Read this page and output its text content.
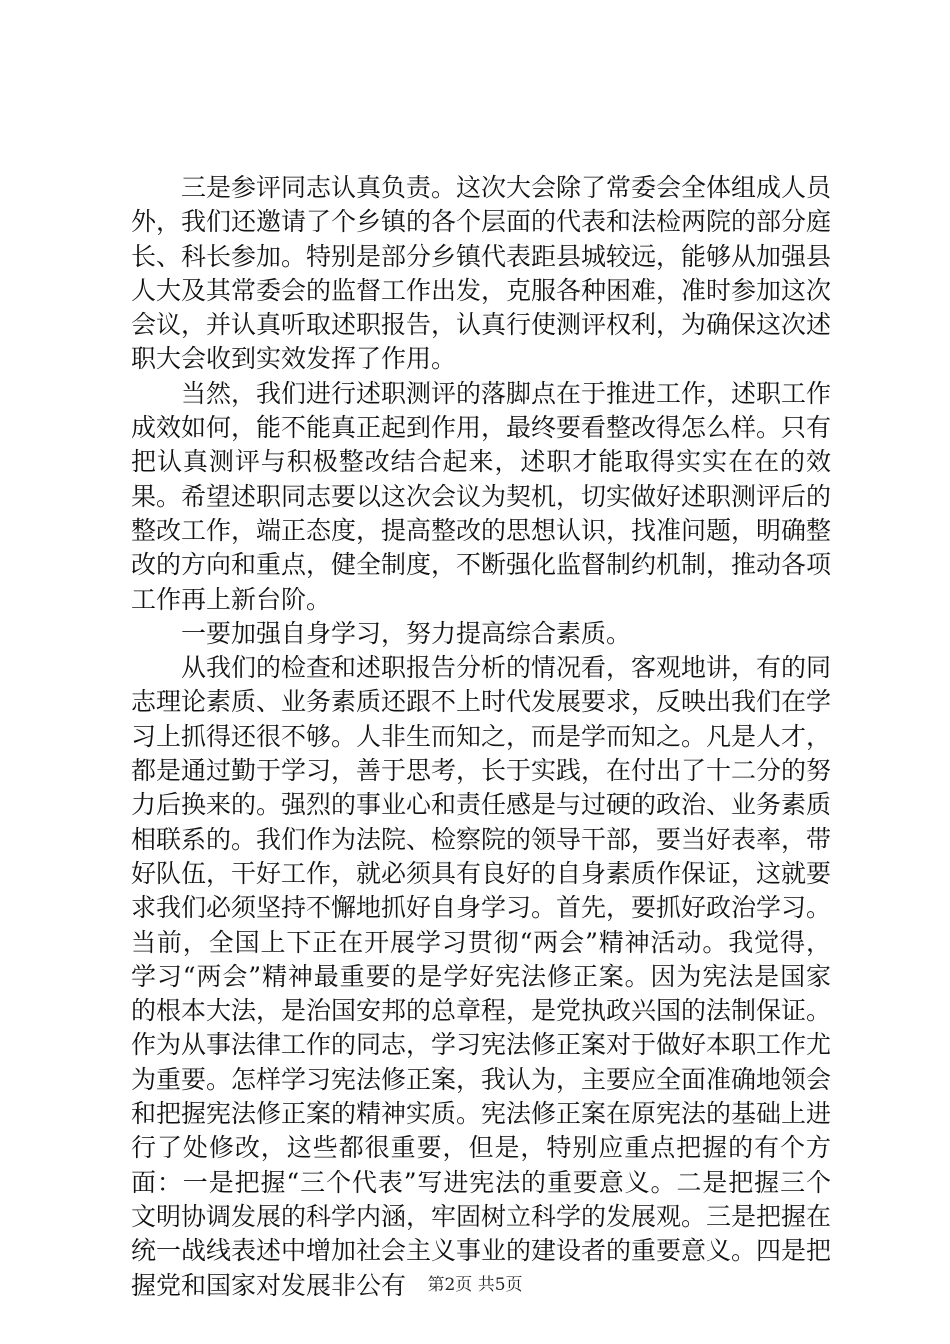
三是参评同志认真负责。这次大会除了常委会全体组成人员外，我们还邀请了个乡镇的各个层面的代表和法检两院的部分庭长、科长参加。特别是部分乡镇代表距县城较远，能够从加强县人大及其常委会的监督工作出发，克服各种困难，准时参加这次会议，并认真听取述职报告，认真行使测评权利，为确保这次述职大会收到实效发挥了作用。

当然，我们进行述职测评的落脚点在于推进工作，述职工作成效如何，能不能真正起到作用，最终要看整改得怎么样。只有把认真测评与积极整改结合起来，述职才能取得实实在在的效果。希望述职同志要以这次会议为契机，切实做好述职测评后的整改工作，端正态度，提高整改的思想认识，找准问题，明确整改的方向和重点，健全制度，不断强化监督制约机制，推动各项工作再上新台阶。

一要加强自身学习，努力提高综合素质。

从我们的检查和述职报告分析的情况看，客观地讲，有的同志理论素质、业务素质还跟不上时代发展要求，反映出我们在学习上抓得还很不够。人非生而知之，而是学而知之。凡是人才，都是通过勤于学习，善于思考，长于实践，在付出了十二分的努力后换来的。强烈的事业心和责任感是与过硬的政治、业务素质相联系的。我们作为法院、检察院的领导干部，要当好表率，带好队伍，干好工作，就必须具有良好的自身素质作保证，这就要求我们必须坚持不懈地抓好自身学习。首先，要抓好政治学习。当前，全国上下正在开展学习贯彻“两会”精神活动。我觉得，学习“两会”精神最重要的是学好宪法修正案。因为宪法是国家的根本大法，是治国安邦的总章程，是党执政兴国的法制保证。作为从事法律工作的同志，学习宪法修正案对于做好本职工作尤为重要。怎样学习宪法修正案，我认为，主要应全面准确地领会和把握宪法修正案的精神实质。宪法修正案在原宪法的基础上进行了处修改，这些都很重要，但是，特别应重点把握的有个方面：一是把握“三个代表”写进宪法的重要意义。二是把握三个文明协调发展的科学内涵，牢固树立科学的发展观。三是把握在统一战线表述中增加社会主义事业的建设者的重要意义。四是把握党和国家对发展非公有	第2页 共5页
